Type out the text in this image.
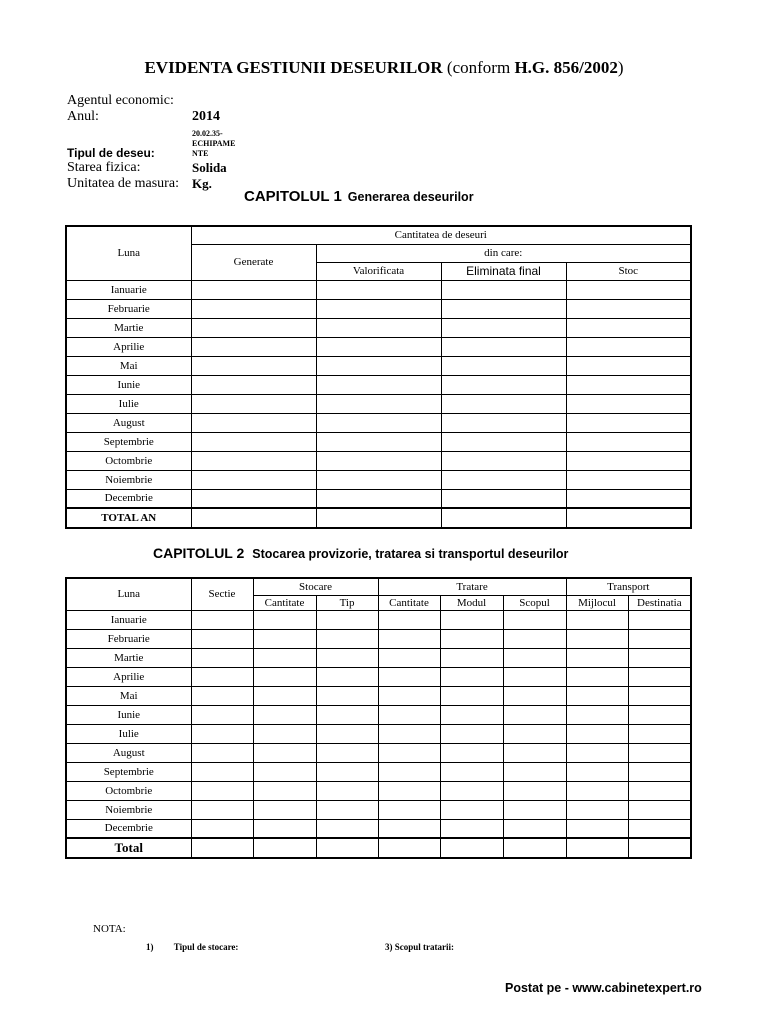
EVIDENTA GESTIUNII DESEURILOR (conform H.G. 856/2002)
Agentul economic:
Anul:	2014
Tipul de deseu:
20.02.35-
ECHIPAME
NTE
Starea fizica:	Solida
Unitatea de masura: Kg.
CAPITOLUL 1 Generarea deseurilor
Luna	Cantitatea de deseuri			
	Generate	din care:		
		Valorificata	Eliminata final	Stoc
Ianuarie				
Februarie				
Martie				
Aprilie				
Mai				
Iunie				
Iulie				
August				
Septembrie				
Octombrie				
Noiembrie				
Decembrie				
TOTAL AN				
CAPITOLUL 2 Stocarea provizorie, tratarea si transportul deseurilor
Luna	Sectie	Stocare		Tratare			Transport	
		Cantitate	Tip	Cantitate	Modul	Scopul	Mijlocul	Destinatia
Ianuarie								
Februarie								
Martie								
Aprilie								
Mai								
Iunie								
Iulie								
August								
Septembrie								
Octombrie								
Noiembrie								
Decembrie								
Total								
NOTA:
1) Tipul de stocare:	3) Scopul tratarii:
Postat pe - www.cabinetexpert.ro
